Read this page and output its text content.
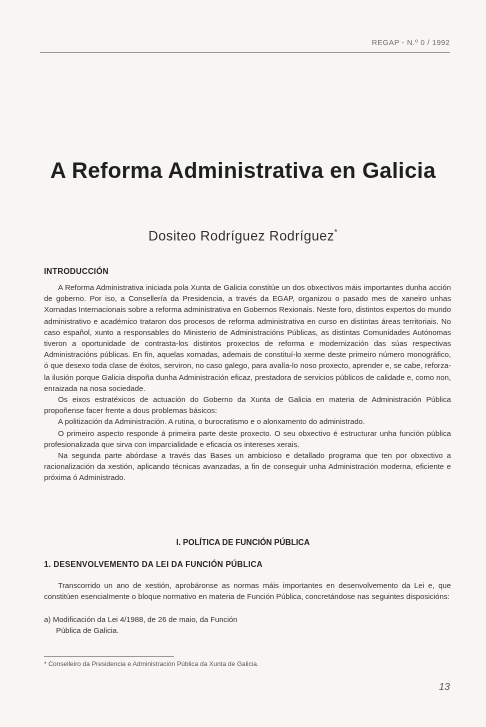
REGAP - N.º 0 / 1992
A Reforma Administrativa en Galicia
Dositeo Rodríguez Rodríguez*
INTRODUCCIÓN

A Reforma Administrativa iniciada pola Xunta de Galicia constitúe un dos obxectivos máis importantes dunha acción de goberno. Por iso, a Consellería da Presidencia, a través da EGAP, organizou o pasado mes de xaneiro unhas Xornadas Internacionais sobre a reforma administrativa en Gobernos Rexionais. Neste foro, distintos expertos do mundo administrativo e académico trataron dos procesos de reforma administrativa en curso en distintas áreas territoriais. No caso español, xunto a responsables do Ministerio de Administracións Públicas, as distintas Comunidades Autónomas tiveron a oportunidade de contrasta-los distintos proxectos de reforma e modernización das súas respectivas Administracións públicas. En fin, aquelas xornadas, ademais de constituí-lo xerme deste primeiro número monográfico, ó que desexo toda clase de éxitos, serviron, no caso galego, para avalía-lo noso proxecto, aprender e, se cabe, reforza-la ilusión porque Galicia dispoña dunha Administración eficaz, prestadora de servicios públicos de calidade e, como non, enraizada na nosa sociedade.

Os eixos estratéxicos de actuación do Goberno da Xunta de Galicia en materia de Administración Pública propoñense facer frente a dous problemas básicos:

A politización da Administración. A rutina, o burocratismo e o alonxamento do administrado.

O primeiro aspecto responde á primeira parte deste proxecto. O seu obxectivo é estructurar unha función pública profesionalizada que sirva con imparcialidade e eficacia os intereses xerais.

Na segunda parte abórdase a través das Bases un ambicioso e detallado programa que ten por obxectivo a racionalización da xestión, aplicando técnicas avanzadas, a fin de conseguir unha Administración moderna, eficiente e próxima ó Administrado.

I. POLÍTICA DE FUNCIÓN PÚBLICA
1. DESENVOLVEMENTO DA LEI DA FUNCIÓN PÚBLICA

Transcorrido un ano de xestión, aprobáronse as normas máis importantes en desenvolvemento da Lei e, que constitúen esencialmente o bloque normativo en materia de Función Pública, concretándose nas seguintes disposicións:

a) Modificación da Lei 4/1988, de 26 de maio, da Función
Pública de Galicia.
* Conselleiro da Presidencia e Administración Pública da Xunta de Galicia.
13
